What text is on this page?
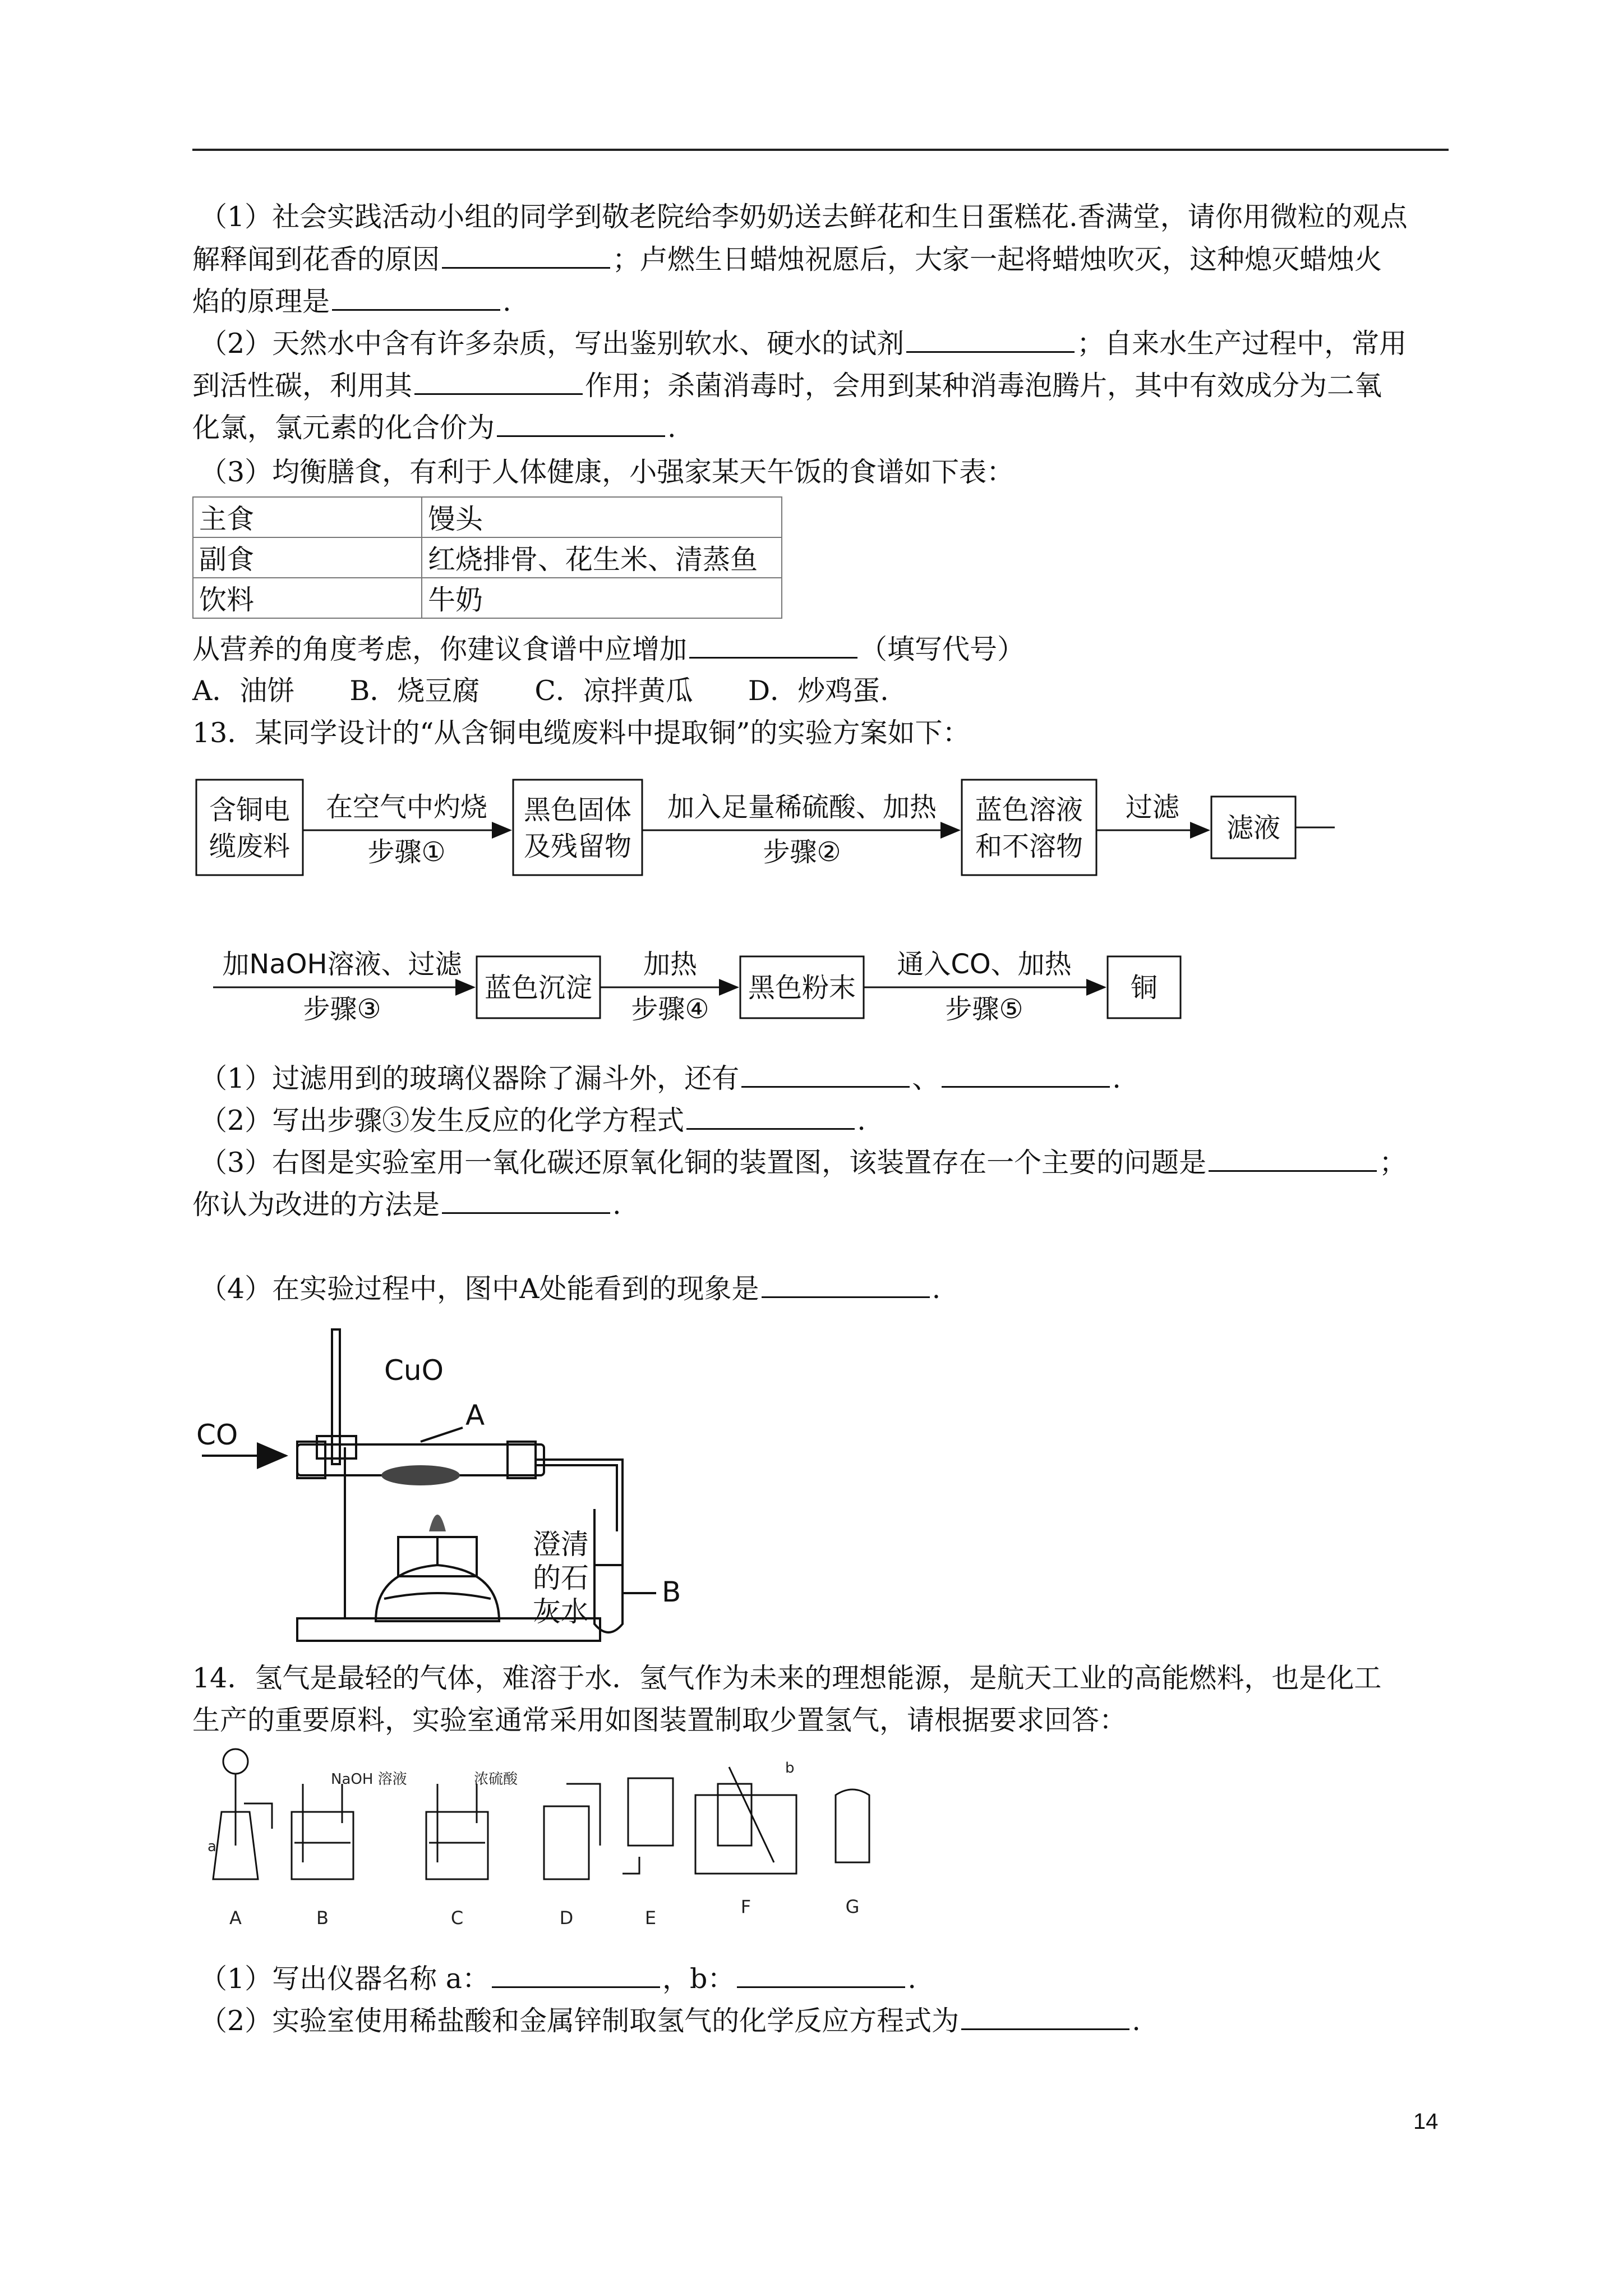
（1）社会实践活动小组的同学到敬老院给李奶奶送去鲜花和生日蛋糕花.香满堂，请你用微粒的观点
解释闻到花香的原因	；卢燃生日蜡烛祝愿后，大家一起将蜡烛吹灭，这种熄灭蜡烛火
焰的原理是	.
（2）天然水中含有许多杂质，写出鉴别软水、硬水的试剂	；自来水生产过程中，常用
到活性碳，利用其	作用；杀菌消毒时，会用到某种消毒泡腾片，其中有效成分为二氧
化氯，氯元素的化合价为	.
（3）均衡膳食，有利于人体健康，小强家某天午饭的食谱如下表：
主食	馒头
副食	红烧排骨、花生米、清蒸鱼
饮料	牛奶
从营养的角度考虑，你建议食谱中应增加	（填写代号）
A．油饼　　B．烧豆腐　　C．凉拌黄瓜　　D．炒鸡蛋.
13．某同学设计的“从含铜电缆废料中提取铜”的实验方案如下：
含铜电
缆废料
在空气中灼烧
步骤①
黑色固体
及残留物
加入足量稀硫酸、加热
步骤②
蓝色溶液
和不溶物
过滤
滤液
加NaOH溶液、过滤
步骤③
蓝色沉淀
加热
步骤④
黑色粉末
通入CO、加热
步骤⑤
铜
（1）过滤用到的玻璃仪器除了漏斗外，还有	、	.
（2）写出步骤③发生反应的化学方程式	.
（3）右图是实验室用一氧化碳还原氧化铜的装置图，该装置存在一个主要的问题是	；
你认为改进的方法是	.
（4）在实验过程中，图中A处能看到的现象是	.
CO
CuO
A
B
澄清
的石
灰水
14．氢气是最轻的气体，难溶于水．氢气作为未来的理想能源，是航天工业的高能燃料，也是化工
生产的重要原料，实验室通常采用如图装置制取少置氢气，请根据要求回答：
NaOH 溶液	浓硫酸
a
b
A	B	C	D	E
F	G
（1）写出仪器名称 a：	，b：	.
（2）实验室使用稀盐酸和金属锌制取氢气的化学反应方程式为	.
14
